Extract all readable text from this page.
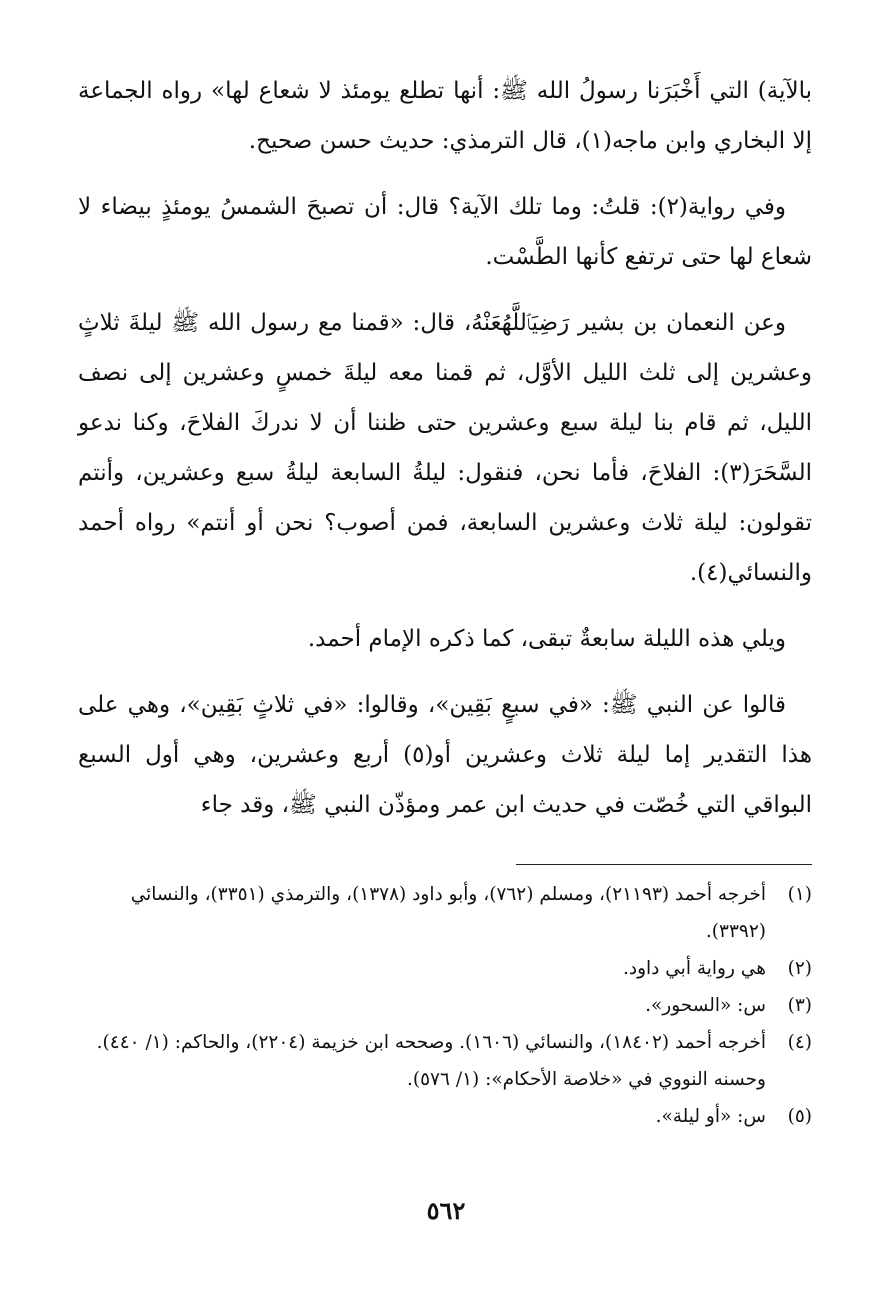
بالآية) التي أَخْبَرَنا رسولُ الله ﷺ: أنها تطلع يومئذ لا شعاع لها» رواه الجماعة إلا البخاري وابن ماجه(١)، قال الترمذي: حديث حسن صحيح.

وفي رواية(٢): قلتُ: وما تلك الآية؟ قال: أن تصبحَ الشمسُ يومئذٍ بيضاء لا شعاع لها حتى ترتفع كأنها الطَّسْت.

وعن النعمان بن بشير رَضِيَٱللَّهُعَنْهُ، قال: «قمنا مع رسول الله ﷺ ليلةَ ثلاثٍ وعشرين إلى ثلث الليل الأوَّل، ثم قمنا معه ليلةَ خمسٍ وعشرين إلى نصف الليل، ثم قام بنا ليلة سبع وعشرين حتى ظننا أن لا ندركَ الفلاحَ، وكنا ندعو السَّحَرَ(٣): الفلاحَ، فأما نحن، فنقول: ليلةُ السابعة ليلةُ سبع وعشرين، وأنتم تقولون: ليلة ثلاث وعشرين السابعة، فمن أصوب؟ نحن أو أنتم» رواه أحمد والنسائي(٤).

ويلي هذه الليلة سابعةٌ تبقى، كما ذكره الإمام أحمد.

قالوا عن النبي ﷺ: «في سبعٍ بَقِين»، وقالوا: «في ثلاثٍ بَقِين»، وهي على هذا التقدير إما ليلة ثلاث وعشرين أو(٥) أربع وعشرين، وهي أول السبع البواقي التي خُصّت في حديث ابن عمر ومؤذّن النبي ﷺ، وقد جاء

(١)
أخرجه أحمد (٢١١٩٣)، ومسلم (٧٦٢)، وأبو داود (١٣٧٨)، والترمذي (٣٣٥١)، والنسائي (٣٣٩٢).
(٢)
هي رواية أبي داود.
(٣)
س: «السحور».
(٤)
أخرجه أحمد (١٨٤٠٢)، والنسائي (١٦٠٦). وصححه ابن خزيمة (٢٢٠٤)، والحاكم: (١/ ٤٤٠). وحسنه النووي في «خلاصة الأحكام»: (١/ ٥٧٦).
(٥)
س: «أو ليلة».
٥٦٢
